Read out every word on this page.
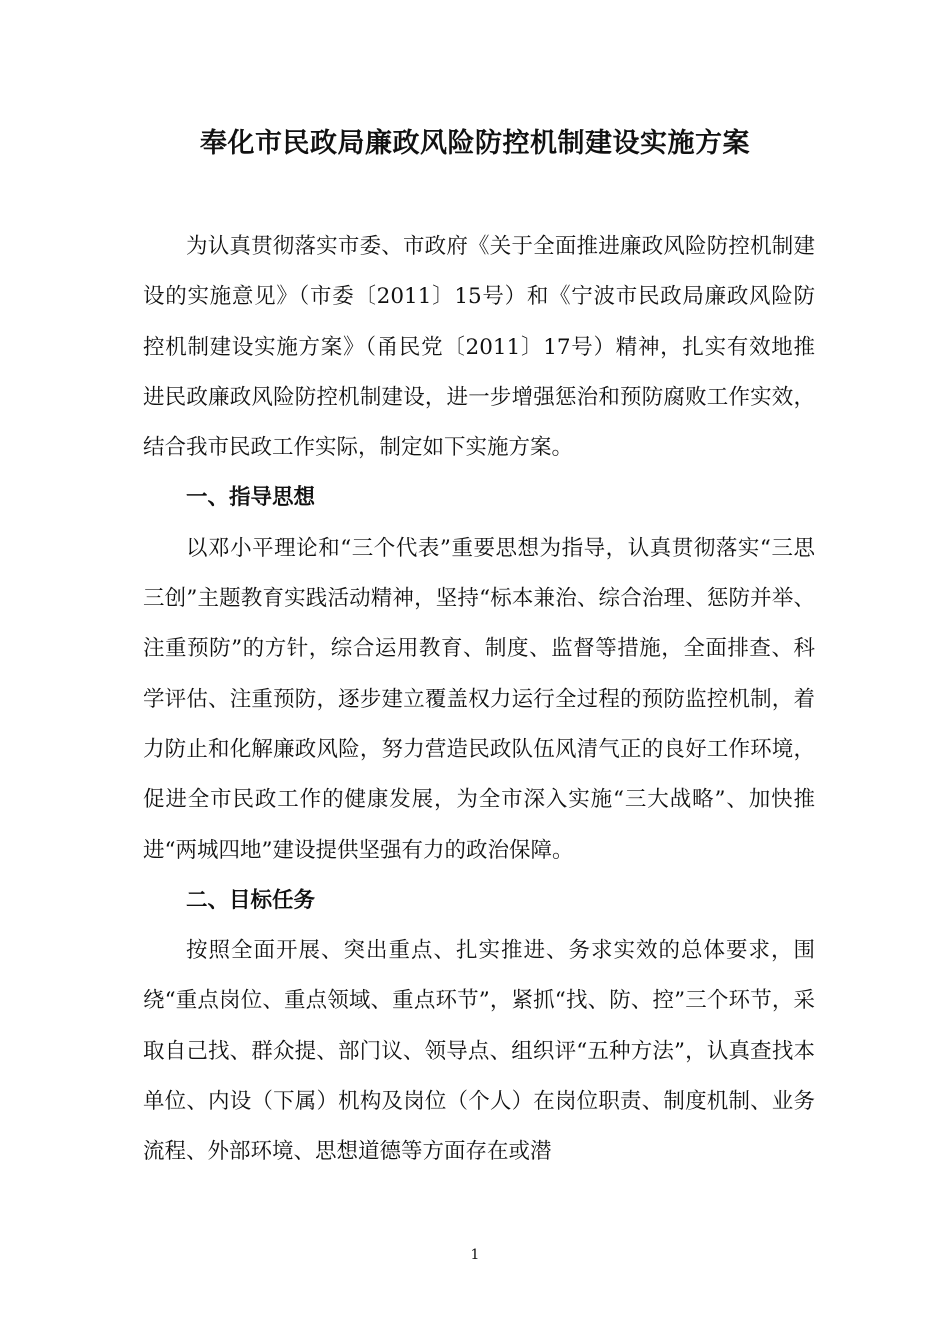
奉化市民政局廉政风险防控机制建设实施方案

为认真贯彻落实市委、市政府《关于全面推进廉政风险防控机制建设的实施意见》（市委〔2011〕15号）和《宁波市民政局廉政风险防控机制建设实施方案》（甬民党〔2011〕17号）精神，扎实有效地推进民政廉政风险防控机制建设，进一步增强惩治和预防腐败工作实效，结合我市民政工作实际，制定如下实施方案。

一、指导思想

以邓小平理论和“三个代表”重要思想为指导，认真贯彻落实“三思三创”主题教育实践活动精神，坚持“标本兼治、综合治理、惩防并举、注重预防”的方针，综合运用教育、制度、监督等措施，全面排查、科学评估、注重预防，逐步建立覆盖权力运行全过程的预防监控机制，着力防止和化解廉政风险，努力营造民政队伍风清气正的良好工作环境，促进全市民政工作的健康发展，为全市深入实施“三大战略”、加快推进“两城四地”建设提供坚强有力的政治保障。

二、目标任务

按照全面开展、突出重点、扎实推进、务求实效的总体要求，围绕“重点岗位、重点领域、重点环节”，紧抓“找、防、控”三个环节，采取自己找、群众提、部门议、领导点、组织评“五种方法”，认真查找本单位、内设（下属）机构及岗位（个人）在岗位职责、制度机制、业务流程、外部环境、思想道德等方面存在或潜

1
